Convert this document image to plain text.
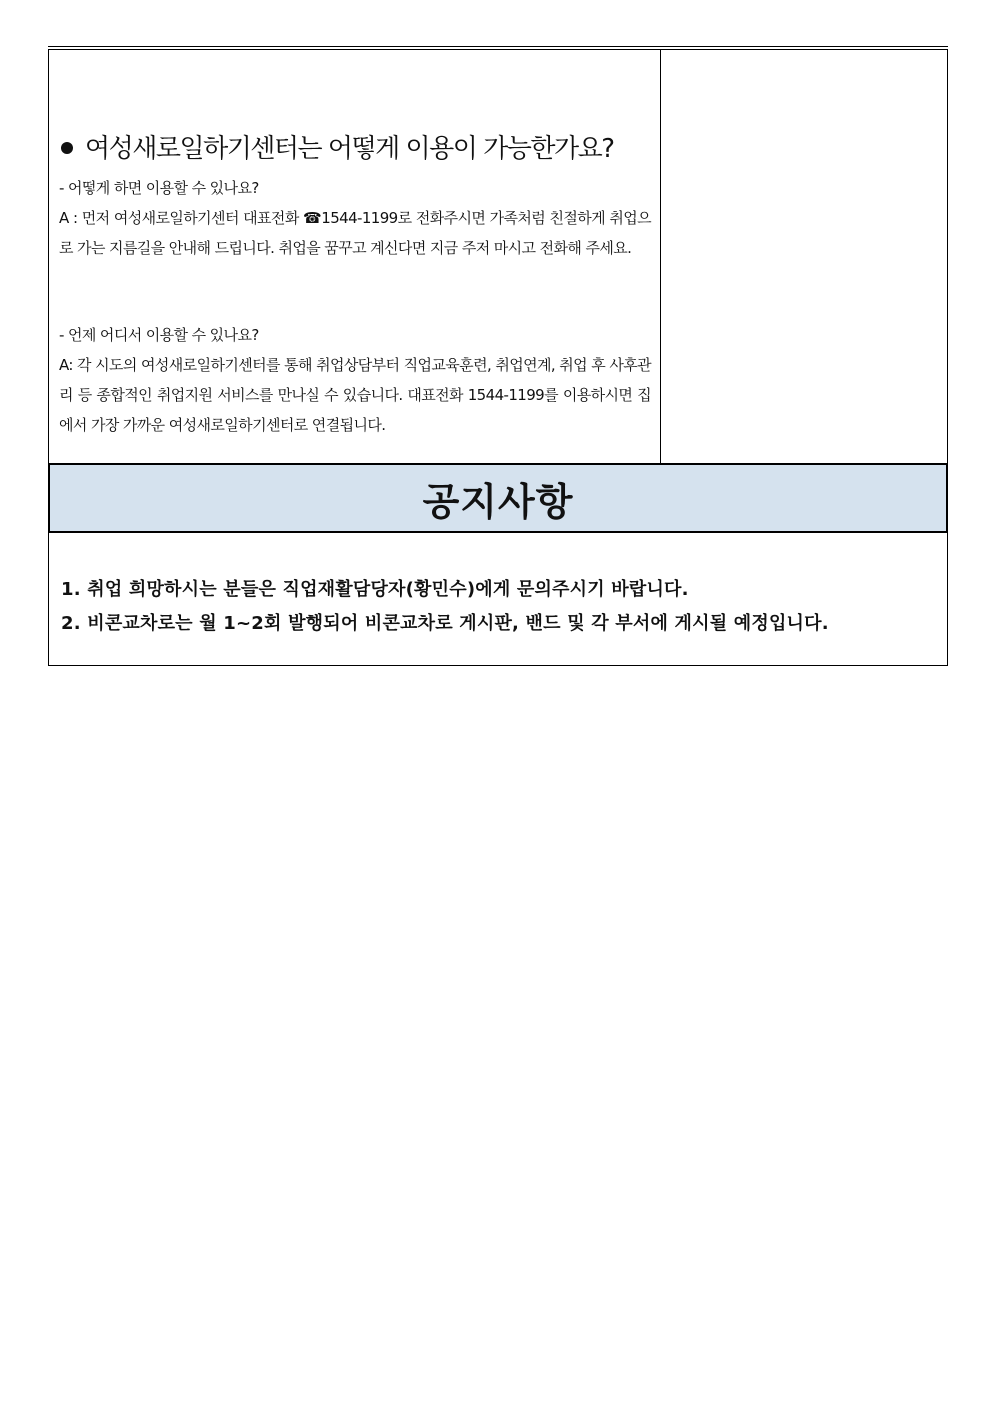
여성새로일하기센터는 어떻게 이용이 가능한가요?

- 어떻게 하면 이용할 수 있나요?

A : 먼저 여성새로일하기센터 대표전화 ☎1544-1199로 전화주시면 가족처럼 친절하게 취업으로 가는 지름길을 안내해 드립니다. 취업을 꿈꾸고 계신다면 지금 주저 마시고 전화해 주세요.

- 언제 어디서 이용할 수 있나요?

A: 각 시도의 여성새로일하기센터를 통해 취업상담부터 직업교육훈련, 취업연계, 취업 후 사후관리 등 종합적인 취업지원 서비스를 만나실 수 있습니다. 대표전화 1544-1199를 이용하시면 집에서 가장 가까운 여성새로일하기센터로 연결됩니다.

공지사항
1. 취업 희망하시는 분들은 직업재활담당자(황민수)에게 문의주시기 바랍니다.
2. 비콘교차로는 월 1~2회 발행되어 비콘교차로 게시판, 밴드 및 각 부서에 게시될 예정입니다.
